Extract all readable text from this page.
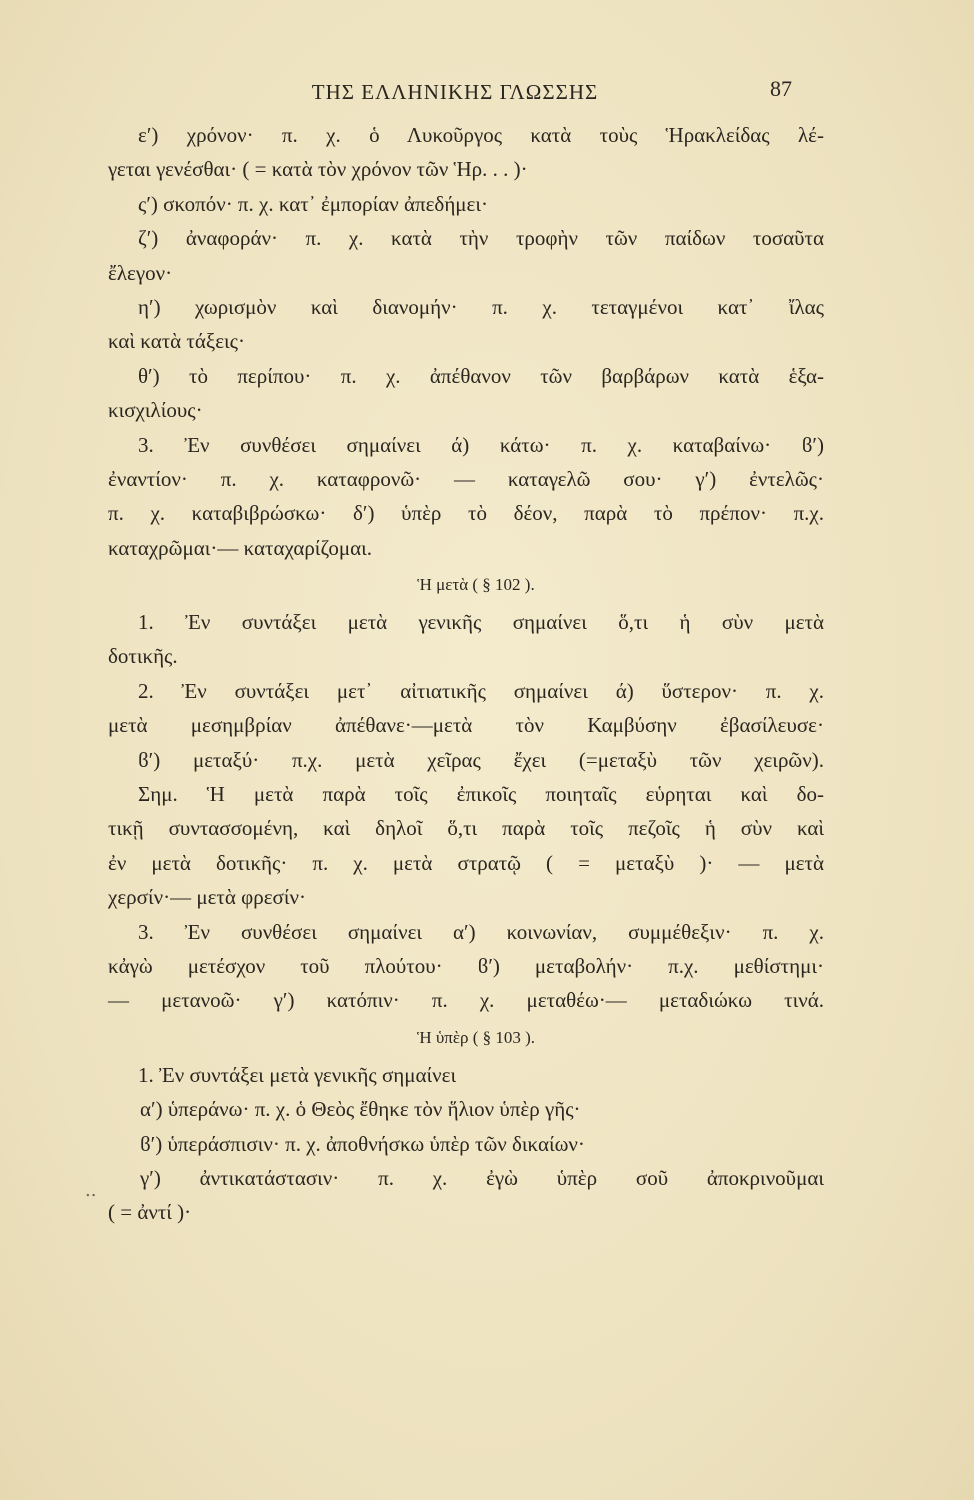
ΤΗΣ ΕΛΛΗΝΙΚΗΣ ΓΛΩΣΣΗΣ	87
..
ε′) χρόνον· π. χ. ὁ Λυκοῦργος κατὰ τοὺς Ἡρακλείδας λέ-
γεται γενέσθαι· ( = κατὰ τὸν χρόνον τῶν Ἡρ. . . )·
ς′) σκοπόν· π. χ. κατ᾽ ἐμπορίαν ἀπεδήμει·
ζ′) ἀναφοράν· π. χ. κατὰ τὴν τροφὴν τῶν παίδων τοσαῦτα
ἔλεγον·
η′) χωρισμὸν καὶ διανομήν· π. χ. τεταγμένοι κατ᾽ ἴλας
καὶ κατὰ τάξεις·
θ′) τὸ περίπου· π. χ. ἀπέθανον τῶν βαρβάρων κατὰ ἑξα-
κισχιλίους·
3. Ἐν συνθέσει σημαίνει ά) κάτω· π. χ. καταβαίνω· ϐ′)
ἐναντίον· π. χ. καταφρονῶ· — καταγελῶ σου· γ′) ἐντελῶς·
π. χ. καταβιβρώσκω· δ′) ὑπὲρ τὸ δέον, παρὰ τὸ πρέπον· π.χ.
καταχρῶμαι·— καταχαρίζομαι.
Ἡ μετὰ ( § 102 ).
1. Ἐν συντάξει μετὰ γενικῆς σημαίνει ὅ,τι ἡ σὺν μετὰ
δοτικῆς.
2. Ἐν συντάξει μετ᾽ αἰτιατικῆς σημαίνει ά) ὕστερον· π. χ.
μετὰ μεσημβρίαν ἀπέθανε·—μετὰ τὸν Καμβύσην ἐβασίλευσε·
ϐ′) μεταξύ· π.χ. μετὰ χεῖρας ἔχει (=μεταξὺ τῶν χειρῶν).
Σημ. Ἡ μετὰ παρὰ τοῖς ἐπικοῖς ποιηταῖς εὑρηται καὶ δο-
τικῇ συντασσομένη, καὶ δηλοῖ ὅ,τι παρὰ τοῖς πεζοῖς ἡ σὺν καὶ
ἐν μετὰ δοτικῆς· π. χ. μετὰ στρατῷ ( = μεταξὺ )· — μετὰ
χερσίν·— μετὰ φρεσίν·
3. Ἐν συνθέσει σημαίνει α′) κοινωνίαν, συμμέθεξιν· π. χ.
κἀγὼ μετέσχον τοῦ πλούτου· ϐ′) μεταβολήν· π.χ. μεθίστημι·
— μετανοῶ· γ′) κατόπιν· π. χ. μεταθέω·— μεταδιώκω τινά.
Ἡ ὑπὲρ ( § 103 ).
1. Ἐν συντάξει μετὰ γενικῆς σημαίνει
α′) ὑπεράνω· π. χ. ὁ Θεὸς ἔθηκε τὸν ἥλιον ὑπὲρ γῆς·
ϐ′) ὑπεράσπισιν· π. χ. ἀποθνήσκω ὑπὲρ τῶν δικαίων·
γ′) ἀντικατάστασιν· π. χ. ἐγὼ ὑπὲρ σοῦ ἀποκρινοῦμαι
( = ἀντί )·
